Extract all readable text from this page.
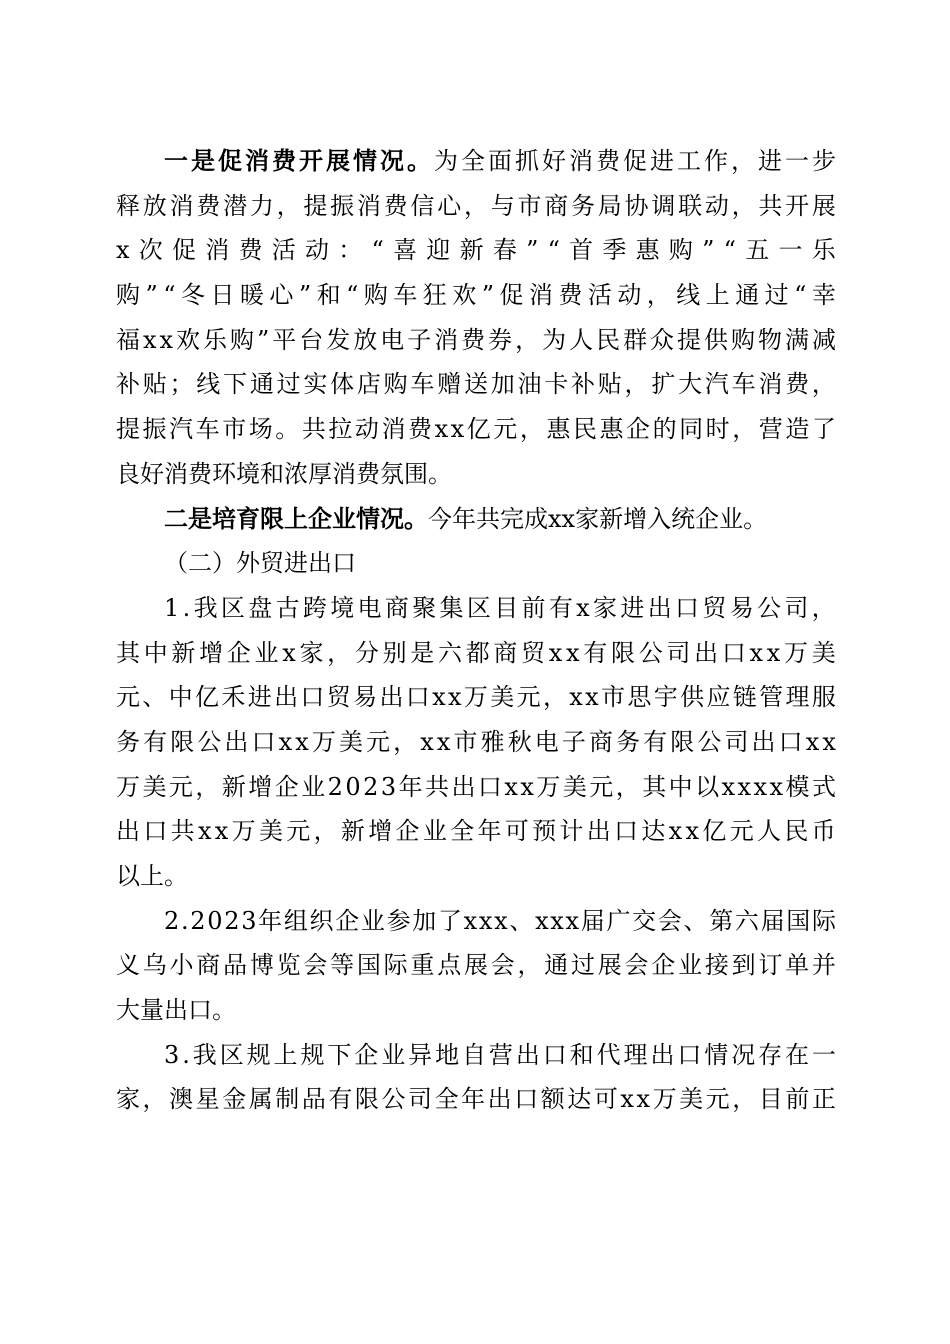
一 是 促 消 费 开 展 情 况 。 为 全 面 抓 好 消 费 促 进 工 作 ， 进 一 步
释 放 消 费 潜 力 ， 提 振 消 费 信 心 ， 与 市 商 务 局 协 调 联 动 ， 共 开 展
x 次 促 消 费 活 动 ： “ 喜 迎 新 春 ” “ 首 季 惠 购 ” “ 五 一 乐
购 ” “ 冬 日 暖 心 ” 和 “ 购 车 狂 欢 ” 促 消 费 活 动 ， 线 上 通 过 “ 幸
福 x x 欢 乐 购 ” 平 台 发 放 电 子 消 费 券 ， 为 人 民 群 众 提 供 购 物 满 减
补 贴 ； 线 下 通 过 实 体 店 购 车 赠 送 加 油 卡 补 贴 ， 扩 大 汽 车 消 费 ，
提 振 汽 车 市 场 。 共 拉 动 消 费 x x 亿 元 ， 惠 民 惠 企 的 同 时 ， 营 造 了
良好消费环境和浓厚消费氛围。
二是培育限上企业情况。今年共完成xx家新增入统企业。
（二）外贸进出口
1 . 我 区 盘 古 跨 境 电 商 聚 集 区 目 前 有 x 家 进 出 口 贸 易 公 司 ，
其 中 新 增 企 业 x 家 ， 分 别 是 六 都 商 贸 x x 有 限 公 司 出 口 x x 万 美
元 、 中 亿 禾 进 出 口 贸 易 出 口 x x 万 美 元 ， x x 市 思 宇 供 应 链 管 理 服
务 有 限 公 出 口 x x 万 美 元 ， x x 市 雅 秋 电 子 商 务 有 限 公 司 出 口 x x
万 美 元 ， 新 增 企 业 2 0 2 3 年 共 出 口 x x 万 美 元 ， 其 中 以 x x x x 模 式
出 口 共 x x 万 美 元 ， 新 增 企 业 全 年 可 预 计 出 口 达 x x 亿 元 人 民 币
以上。
2 . 2 0 2 3 年 组 织 企 业 参 加 了 x x x 、 x x x 届 广 交 会 、 第 六 届 国 际
义 乌 小 商 品 博 览 会 等 国 际 重 点 展 会 ， 通 过 展 会 企 业 接 到 订 单 并
大量出口。
3 . 我 区 规 上 规 下 企 业 异 地 自 营 出 口 和 代 理 出 口 情 况 存 在 一
家 ， 澳 星 金 属 制 品 有 限 公 司 全 年 出 口 额 达 可 x x 万 美 元 ， 目 前 正
